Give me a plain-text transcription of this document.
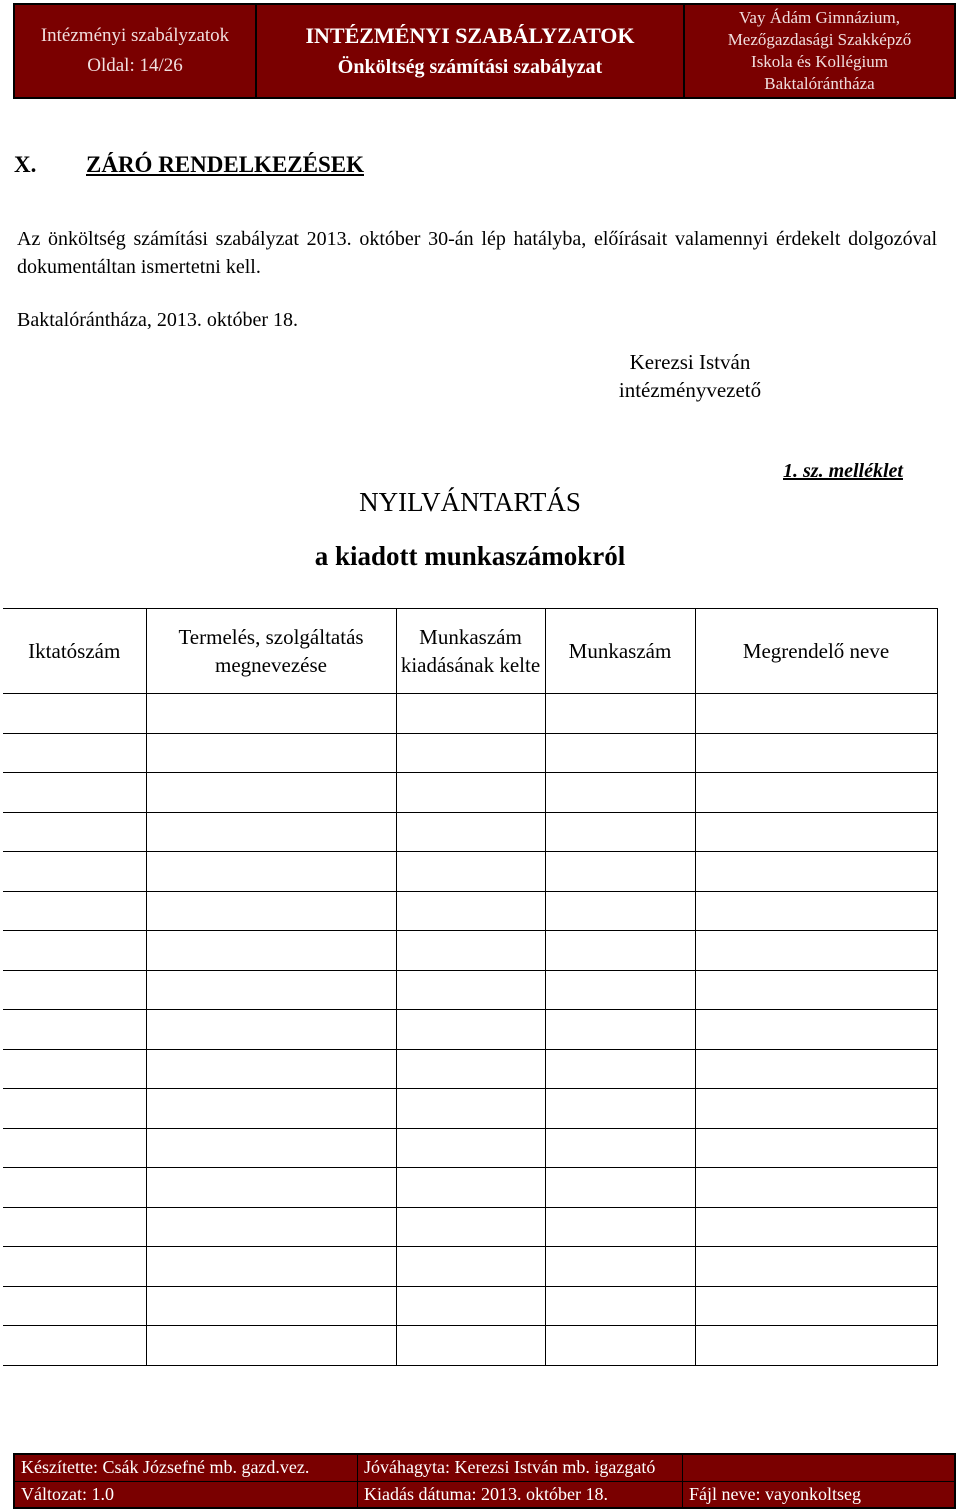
Intézményi szabályzatok
Oldal: 14/26
INTÉZMÉNYI SZABÁLYZATOK
Önköltség számítási szabályzat
Vay Ádám Gimnázium,
Mezőgazdasági Szakképző
Iskola és Kollégium
Baktalórántháza
X. ZÁRÓ RENDELKEZÉSEK
Az önköltség számítási szabályzat 2013. október 30-án lép hatályba, előírásait valamennyi érdekelt dolgozóval dokumentáltan ismertetni kell.
Baktalórántháza, 2013. október 18.
Kerezsi István
intézményvezető
1. sz. melléklet
NYILVÁNTARTÁS
a kiadott munkaszámokról
Iktatószám	Termelés, szolgáltatás megnevezése	Munkaszám kiadásának kelte	Munkaszám	Megrendelő neve

Készítette: Csák Józsefné mb. gazd.vez.	Jóváhagyta: Kerezsi István mb. igazgató
Változat: 1.0	Kiadás dátuma: 2013. október 18.	Fájl neve: vayonkoltseg
